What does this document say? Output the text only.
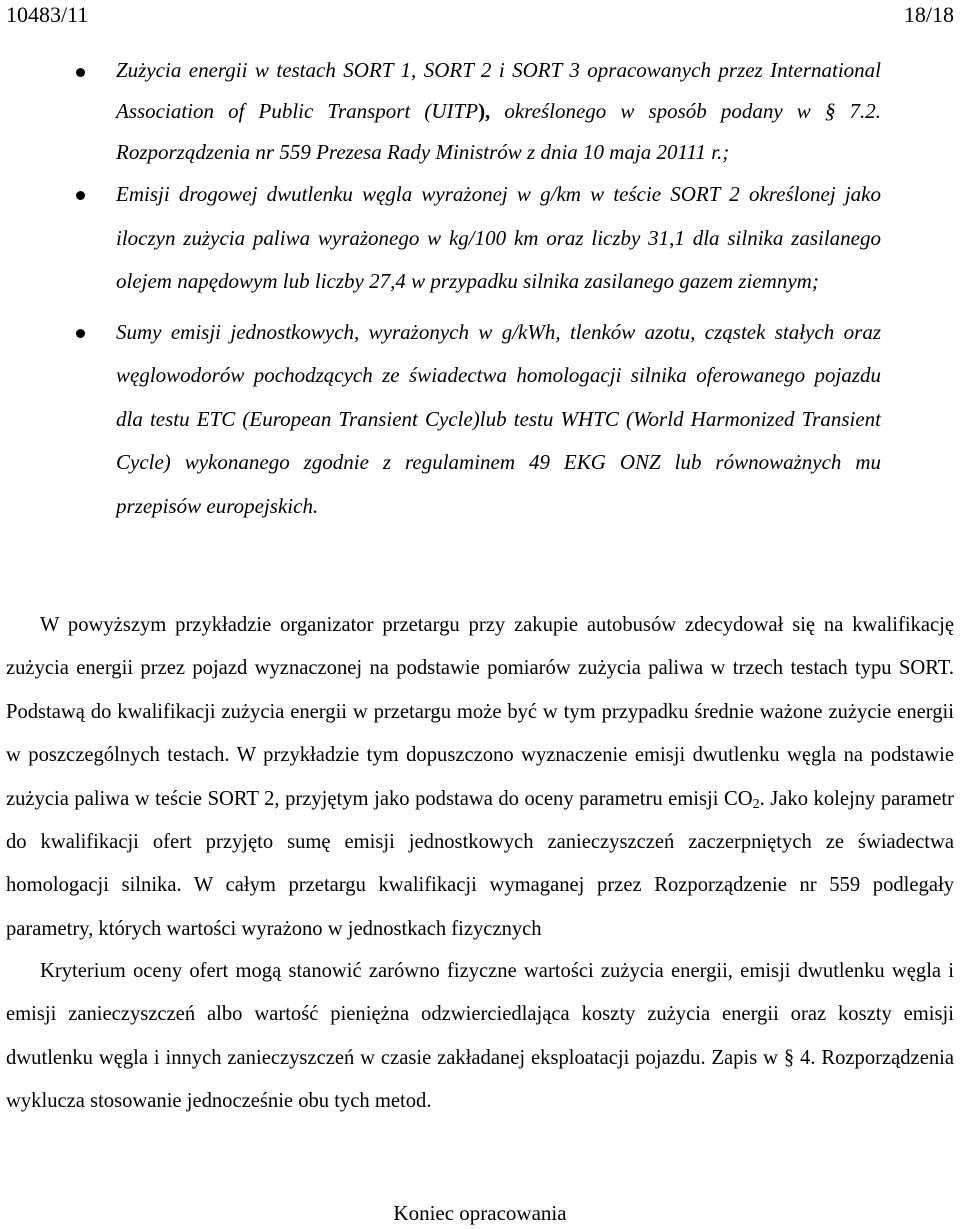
10483/11	18/18

Zużycia energii w testach SORT 1, SORT 2 i SORT 3 opracowanych przez International Association of Public Transport (UITP), określonego w sposób podany w § 7.2. Rozporządzenia nr 559 Prezesa Rady Ministrów z dnia 10 maja 20111 r.;

Emisji drogowej dwutlenku węgla wyrażonej w g/km w teście SORT 2 określonej jako iloczyn zużycia paliwa wyrażonego w kg/100 km oraz liczby 31,1 dla silnika zasilanego olejem napędowym lub liczby 27,4 w przypadku silnika zasilanego gazem ziemnym;

Sumy emisji jednostkowych, wyrażonych w g/kWh, tlenków azotu, cząstek stałych oraz węglowodorów pochodzących ze świadectwa homologacji silnika oferowanego pojazdu dla testu ETC (European Transient Cycle)lub testu WHTC (World Harmonized Transient Cycle) wykonanego zgodnie z regulaminem 49 EKG ONZ lub równoważnych mu przepisów europejskich.

W powyższym przykładzie organizator przetargu przy zakupie autobusów zdecydował się na kwalifikację zużycia energii przez pojazd wyznaczonej na podstawie pomiarów zużycia paliwa w trzech testach typu SORT. Podstawą do kwalifikacji zużycia energii w przetargu może być w tym przypadku średnie ważone zużycie energii w poszczególnych testach. W przykładzie tym dopuszczono wyznaczenie emisji dwutlenku węgla na podstawie zużycia paliwa w teście SORT 2, przyjętym jako podstawa do oceny parametru emisji $CO_2$. Jako kolejny parametr do kwalifikacji ofert przyjęto sumę emisji jednostkowych zanieczyszczeń zaczerpniętych ze świadectwa homologacji silnika. W całym przetargu kwalifikacji wymaganej przez Rozporządzenie nr 559 podlegały parametry, których wartości wyrażono w jednostkach fizycznych

Kryterium oceny ofert mogą stanowić zarówno fizyczne wartości zużycia energii, emisji dwutlenku węgla i emisji zanieczyszczeń albo wartość pieniężna odzwierciedlająca koszty zużycia energii oraz koszty emisji dwutlenku węgla i innych zanieczyszczeń w czasie zakładanej eksploatacji pojazdu. Zapis w § 4. Rozporządzenia wyklucza stosowanie jednocześnie obu tych metod.

Koniec opracowania
